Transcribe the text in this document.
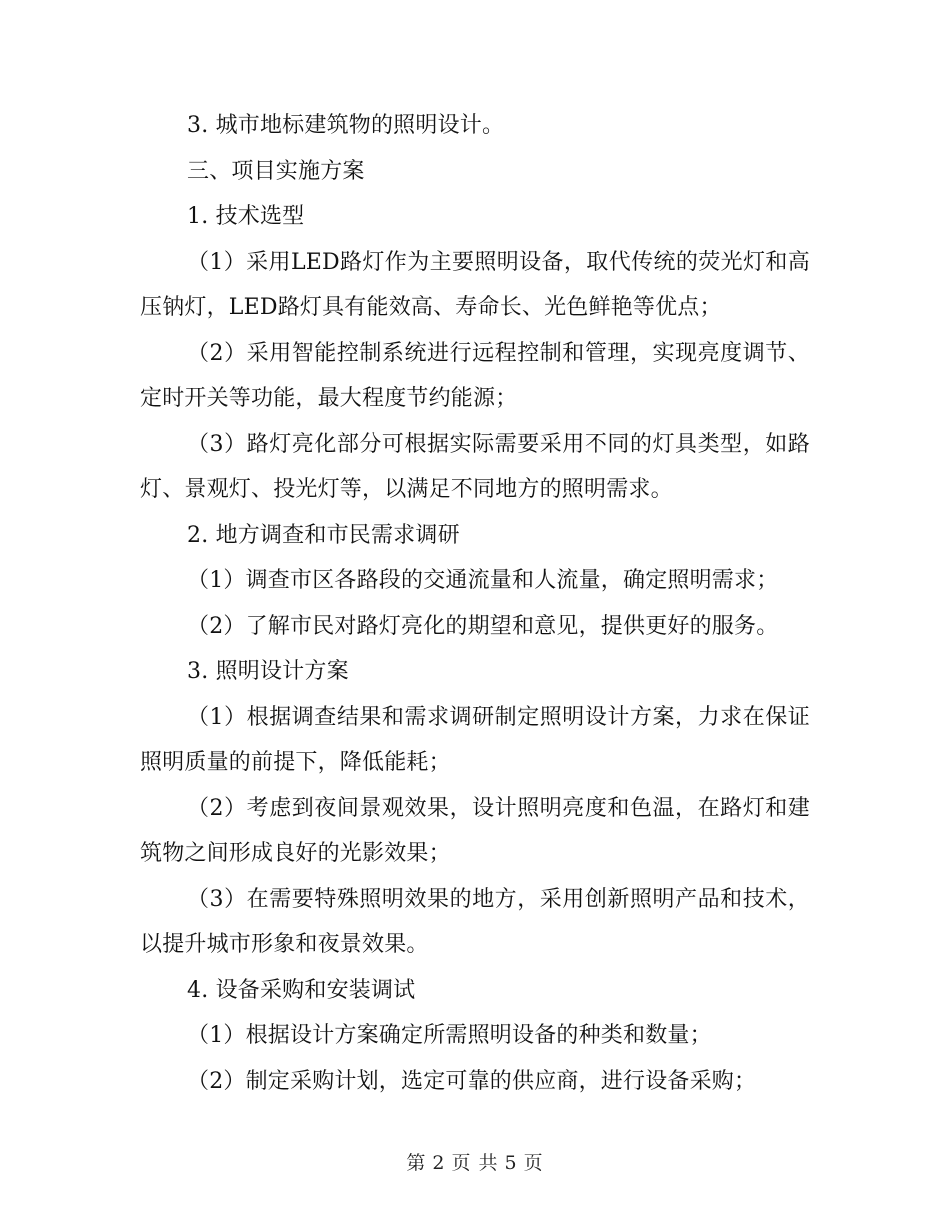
3. 城市地标建筑物的照明设计。

三、项目实施方案

1. 技术选型

（1）采用LED路灯作为主要照明设备，取代传统的荧光灯和高压钠灯，LED路灯具有能效高、寿命长、光色鲜艳等优点；

（2）采用智能控制系统进行远程控制和管理，实现亮度调节、定时开关等功能，最大程度节约能源；

（3）路灯亮化部分可根据实际需要采用不同的灯具类型，如路灯、景观灯、投光灯等，以满足不同地方的照明需求。

2. 地方调查和市民需求调研

（1）调查市区各路段的交通流量和人流量，确定照明需求；

（2）了解市民对路灯亮化的期望和意见，提供更好的服务。

3. 照明设计方案

（1）根据调查结果和需求调研制定照明设计方案，力求在保证照明质量的前提下，降低能耗；

（2）考虑到夜间景观效果，设计照明亮度和色温，在路灯和建筑物之间形成良好的光影效果；

（3）在需要特殊照明效果的地方，采用创新照明产品和技术，以提升城市形象和夜景效果。

4. 设备采购和安装调试

（1）根据设计方案确定所需照明设备的种类和数量；

（2）制定采购计划，选定可靠的供应商，进行设备采购；

第 2 页 共 5 页
